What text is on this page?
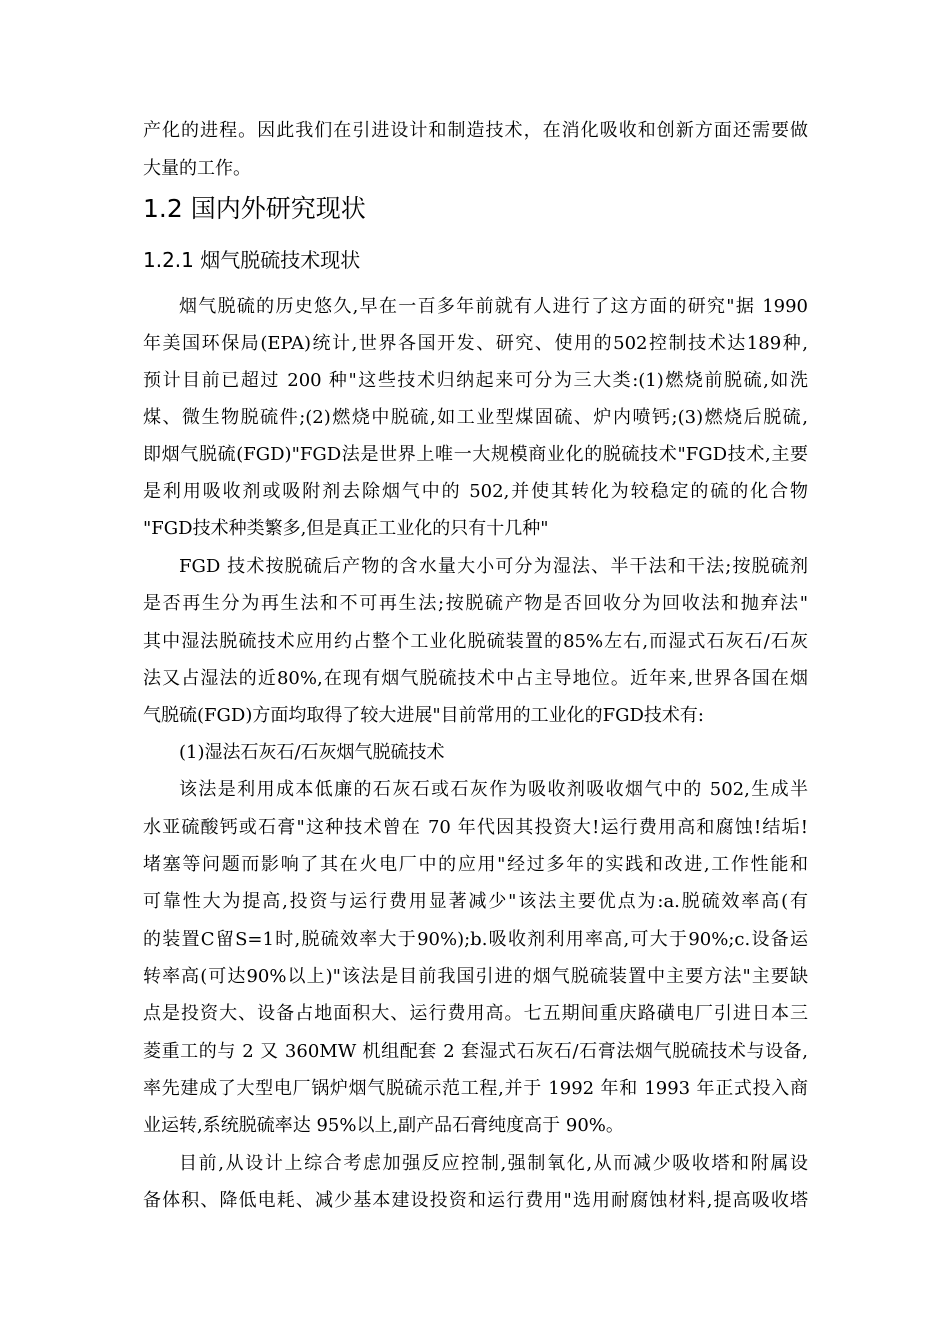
产化的进程。因此我们在引进设计和制造技术，在消化吸收和创新方面还需要做
大量的工作。
1.2 国内外研究现状
1.2.1 烟气脱硫技术现状
烟气脱硫的历史悠久,早在一百多年前就有人进行了这方面的研究"据 1990
年美国环保局(EPA)统计,世界各国开发、研究、使用的502控制技术达189种,
预计目前已超过 200 种"这些技术归纳起来可分为三大类:(1)燃烧前脱硫,如洗
煤、微生物脱硫件;(2)燃烧中脱硫,如工业型煤固硫、炉内喷钙;(3)燃烧后脱硫,
即烟气脱硫(FGD)"FGD法是世界上唯一大规模商业化的脱硫技术"FGD技术,主要
是利用吸收剂或吸附剂去除烟气中的 502,并使其转化为较稳定的硫的化合物
"FGD技术种类繁多,但是真正工业化的只有十几种"
FGD 技术按脱硫后产物的含水量大小可分为湿法、半干法和干法;按脱硫剂
是否再生分为再生法和不可再生法;按脱硫产物是否回收分为回收法和抛弃法"
其中湿法脱硫技术应用约占整个工业化脱硫装置的85%左右,而湿式石灰石/石灰
法又占湿法的近80%,在现有烟气脱硫技术中占主导地位。近年来,世界各国在烟
气脱硫(FGD)方面均取得了较大进展"目前常用的工业化的FGD技术有:
(1)湿法石灰石/石灰烟气脱硫技术
该法是利用成本低廉的石灰石或石灰作为吸收剂吸收烟气中的 502,生成半
水亚硫酸钙或石膏"这种技术曾在 70 年代因其投资大!运行费用高和腐蚀!结垢!
堵塞等问题而影响了其在火电厂中的应用"经过多年的实践和改进,工作性能和
可靠性大为提高,投资与运行费用显著减少"该法主要优点为:a.脱硫效率高(有
的装置C留S=1时,脱硫效率大于90%);b.吸收剂利用率高,可大于90%;c.设备运
转率高(可达90%以上)"该法是目前我国引进的烟气脱硫装置中主要方法"主要缺
点是投资大、设备占地面积大、运行费用高。七五期间重庆路磺电厂引进日本三
菱重工的与 2 又 360MW 机组配套 2 套湿式石灰石/石膏法烟气脱硫技术与设备,
率先建成了大型电厂锅炉烟气脱硫示范工程,并于 1992 年和 1993 年正式投入商
业运转,系统脱硫率达 95%以上,副产品石膏纯度高于 90%。
目前,从设计上综合考虑加强反应控制,强制氧化,从而减少吸收塔和附属设
备体积、降低电耗、减少基本建设投资和运行费用"选用耐腐蚀材料,提高吸收塔
